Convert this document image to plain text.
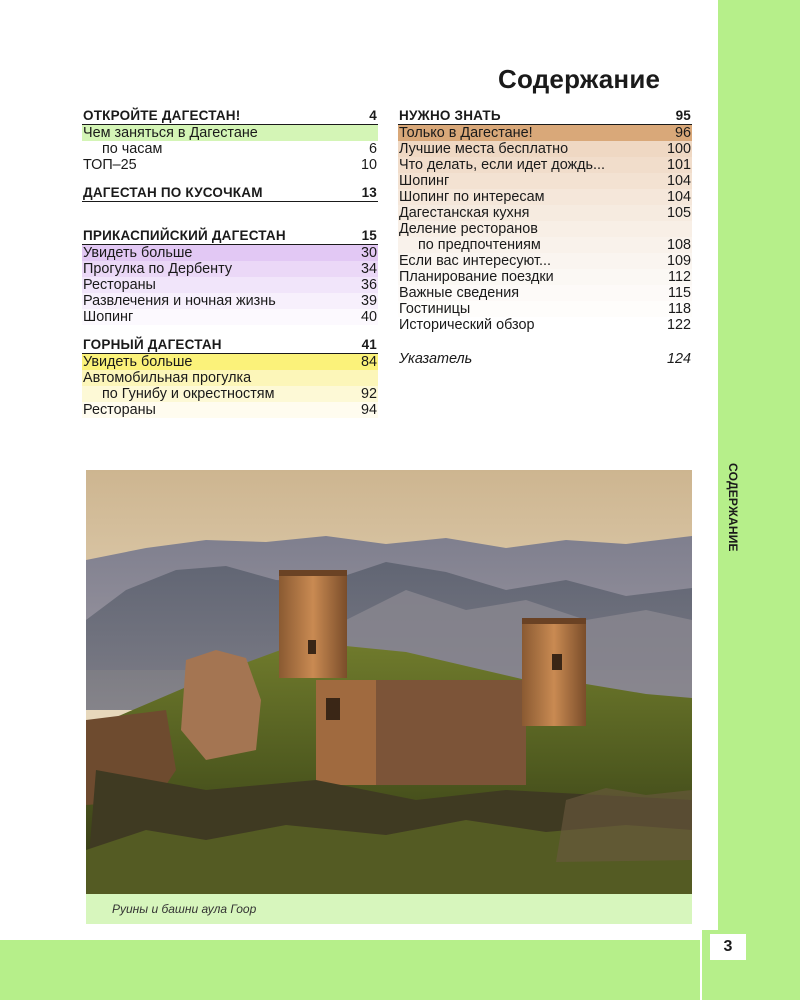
СОДЕРЖАНИЕ
3
Содержание
ОТКРОЙТЕ ДАГЕСТАН!	4
Чем заняться в Дагестане
по часам	6
ТОП–25	10
ДАГЕСТАН ПО КУСОЧКАМ	13
ПРИКАСПИЙСКИЙ ДАГЕСТАН	15
Увидеть больше	30
Прогулка по Дербенту	34
Рестораны	36
Развлечения и ночная жизнь	39
Шопинг	40
ГОРНЫЙ ДАГЕСТАН	41
Увидеть больше	84
Автомобильная прогулка
по Гунибу и окрестностям	92
Рестораны	94
НУЖНО ЗНАТЬ	95
Только в Дагестане!	96
Лучшие места бесплатно	100
Что делать, если идет дождь...	101
Шопинг	104
Шопинг по интересам	104
Дагестанская кухня	105
Деление ресторанов
по предпочтениям	108
Если вас интересуют...	109
Планирование поездки	112
Важные сведения	115
Гостиницы	118
Исторический обзор	122
Указатель	124
Руины и башни аула Гоор
